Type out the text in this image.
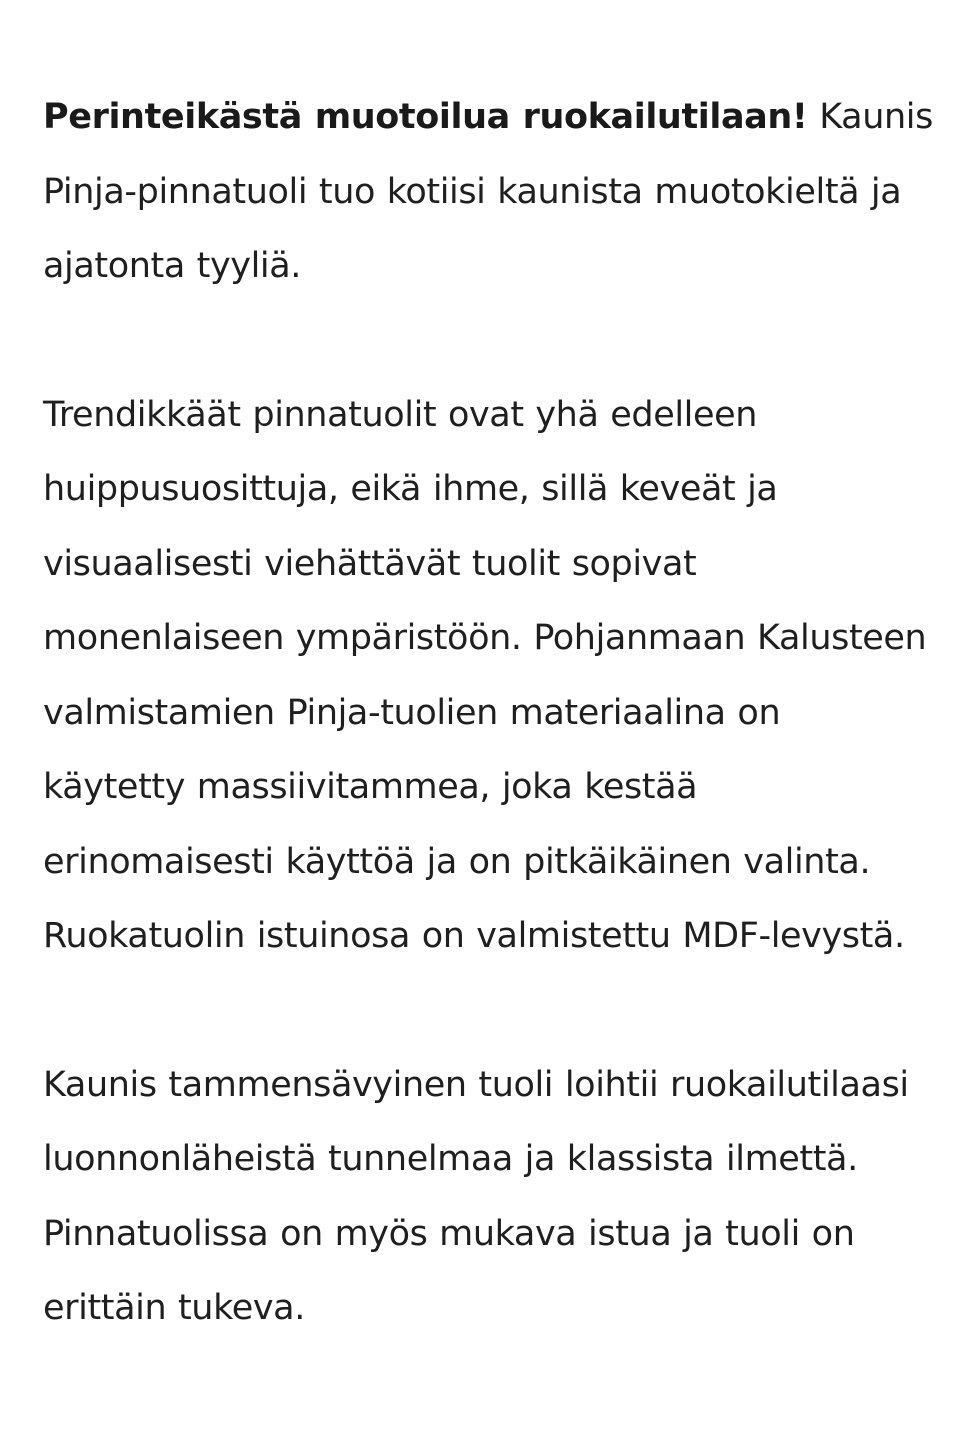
Perinteikästä muotoilua ruokailutilaan! Kaunis Pinja-pinnatuoli tuo kotiisi kaunista muotokieltä ja ajatonta tyyliä.

Trendikkäät pinnatuolit ovat yhä edelleen huippusuosittuja, eikä ihme, sillä keveät ja visuaalisesti viehättävät tuolit sopivat monenlaiseen ympäristöön. Pohjanmaan Kalusteen valmistamien Pinja-tuolien materiaalina on käytetty massiivitammea, joka kestää erinomaisesti käyttöä ja on pitkäikäinen valinta. Ruokatuolin istuinosa on valmistettu MDF-levystä.

Kaunis tammensävyinen tuoli loihtii ruokailutilaasi luonnonläheistä tunnelmaa ja klassista ilmettä. Pinnatuolissa on myös mukava istua ja tuoli on erittäin tukeva.
